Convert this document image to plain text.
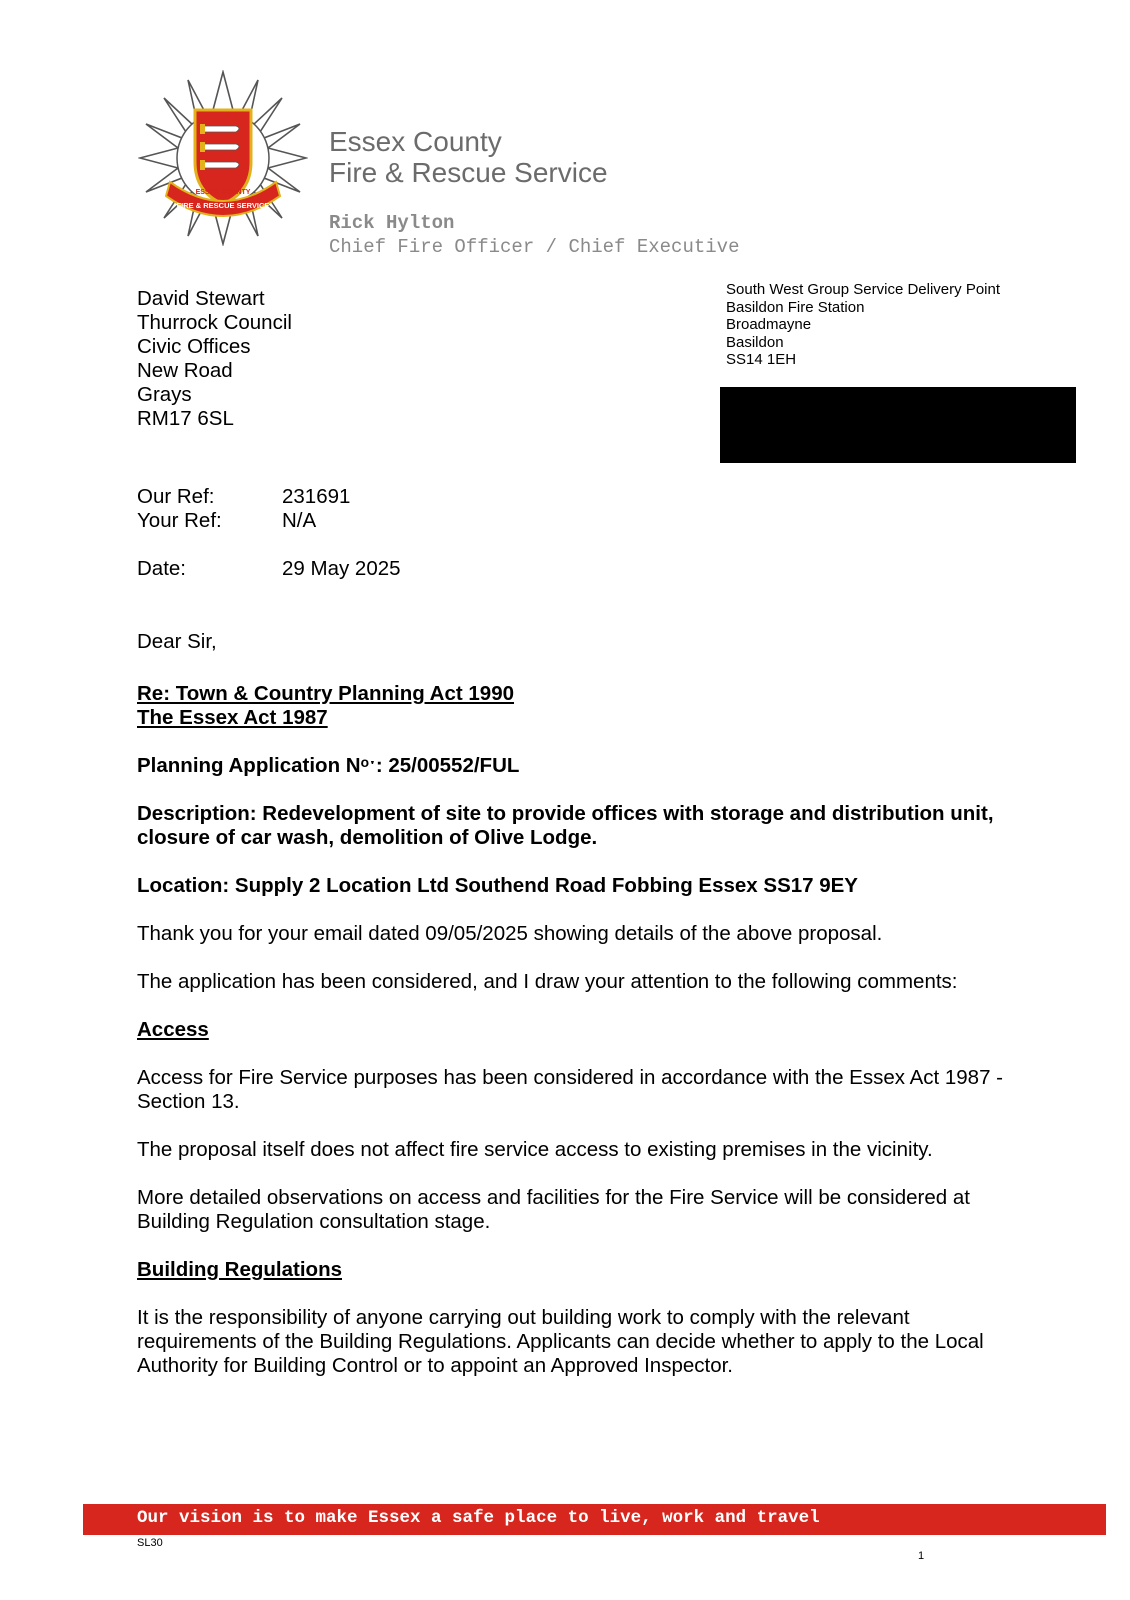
FIRE & RESCUE SERVICE
ESSEX COUNTY
Essex County
Fire & Rescue Service
Rick Hylton
Chief Fire Officer / Chief Executive
David Stewart
Thurrock Council
Civic Offices
New Road
Grays
RM17 6SL
South West Group Service Delivery Point
Basildon Fire Station
Broadmayne
Basildon
SS14 1EH
Our Ref:	231691
Your Ref:	N/A
Date:	29 May 2025

Dear Sir,

Re: Town & Country Planning Act 1990
The Essex Act 1987

Planning Application Nᵒˑ: 25/00552/FUL

Description: Redevelopment of site to provide offices with storage and distribution unit, closure of car wash, demolition of Olive Lodge.

Location: Supply 2 Location Ltd Southend Road Fobbing Essex SS17 9EY

Thank you for your email dated 09/05/2025 showing details of the above proposal.

The application has been considered, and I draw your attention to the following comments:

Access

Access for Fire Service purposes has been considered in accordance with the Essex Act 1987 - Section 13.

The proposal itself does not affect fire service access to existing premises in the vicinity.

More detailed observations on access and facilities for the Fire Service will be considered at Building Regulation consultation stage.

Building Regulations

It is the responsibility of anyone carrying out building work to comply with the relevant requirements of the Building Regulations. Applicants can decide whether to apply to the Local Authority for Building Control or to appoint an Approved Inspector.

Our vision is to make Essex a safe place to live, work and travel
SL30
1
